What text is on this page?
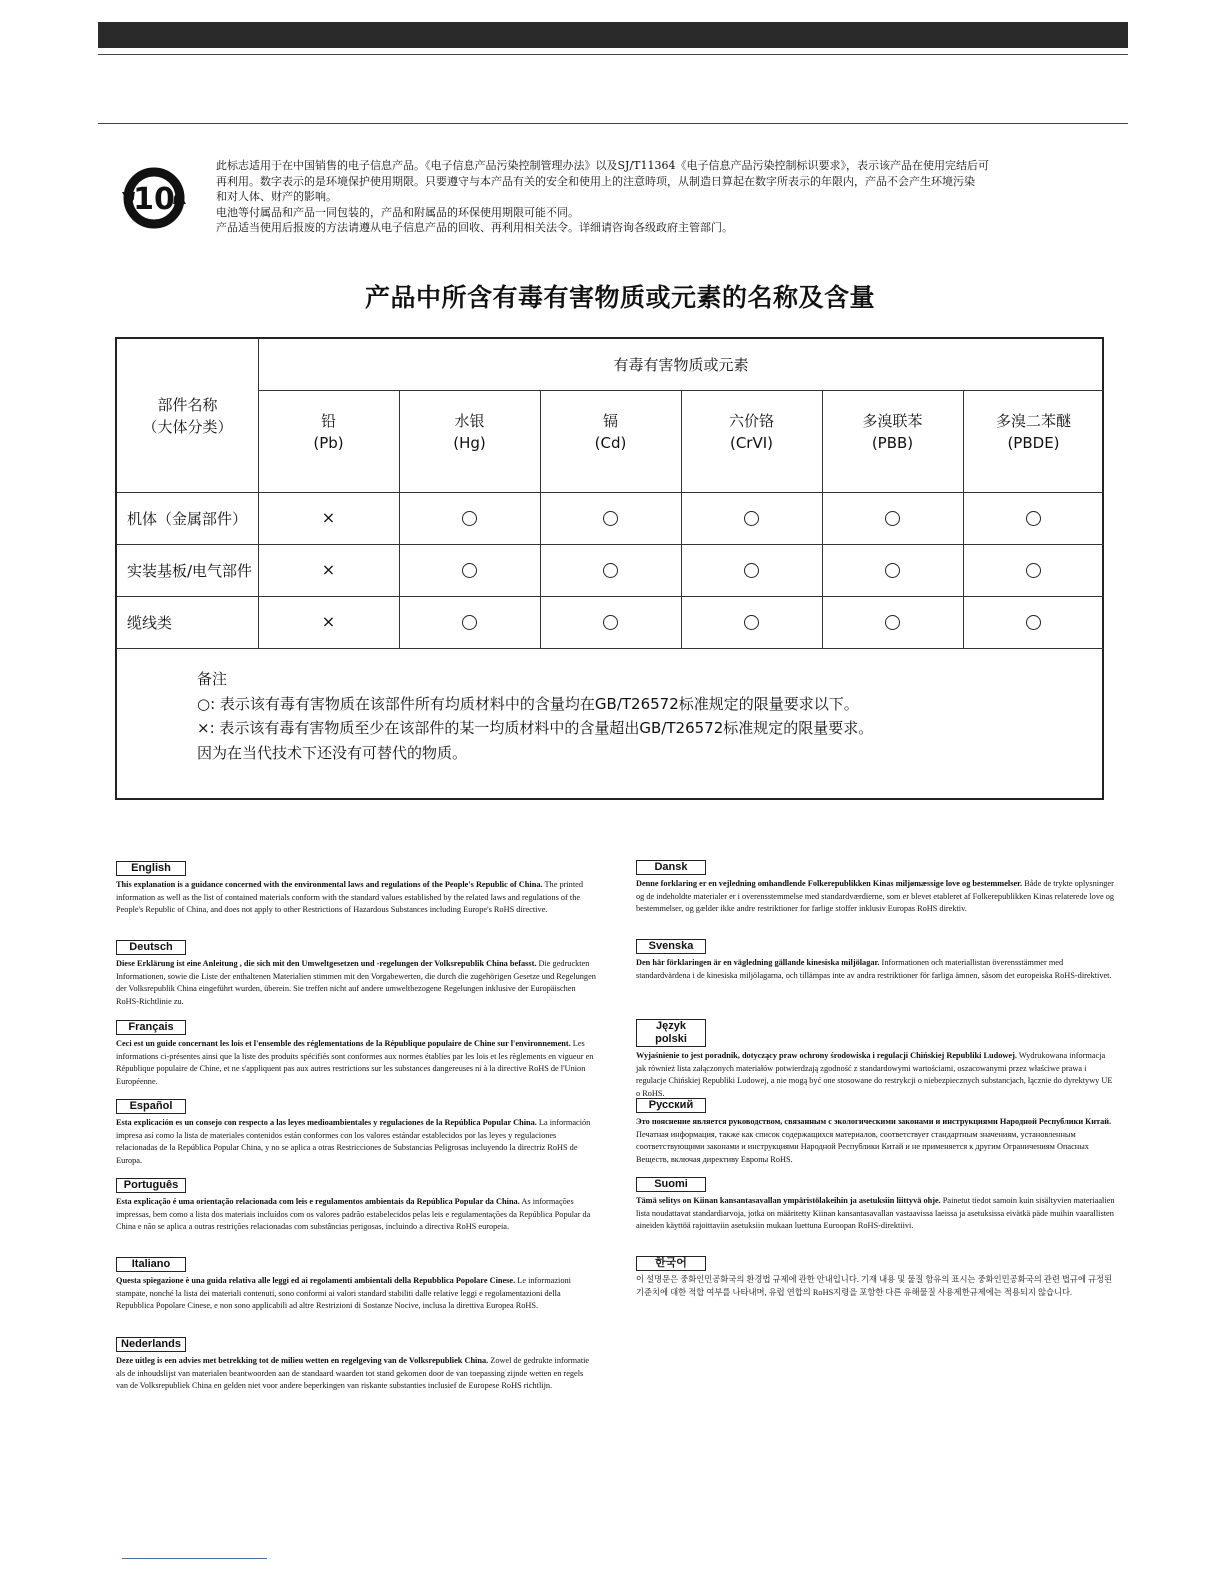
10
此标志适用于在中国销售的电子信息产品。《电子信息产品污染控制管理办法》以及SJ/T11364《电子信息产品污染控制标识要求》，表示该产品在使用完结后可
再利用。数字表示的是环境保护使用期限。只要遵守与本产品有关的安全和使用上的注意時项，从制造日算起在数字所表示的年限内，产品不会产生环境污染
和对人体、财产的影响。
电池等付属品和产品一同包装的，产品和附属品的环保使用期限可能不同。
产品适当使用后报废的方法请遵从电子信息产品的回收、再利用相关法令。详细请咨询各级政府主管部门。
产品中所含有毒有害物质或元素的名称及含量
部件名称
（大体分类）
有毒有害物质或元素
铅
(Pb)
水银
(Hg)
镉
(Cd)
六价铬
(CrVI)
多溴联苯
(PBB)
多溴二苯醚
(PBDE)
机体（金属部件）
实装基板/电气部件
缆线类
×
×
×
备注
○: 表示该有毒有害物质在该部件所有均质材料中的含量均在GB/T26572标准规定的限量要求以下。
×: 表示该有毒有害物质至少在该部件的某一均质材料中的含量超出GB/T26572标准规定的限量要求。
因为在当代技术下还没有可替代的物质。
English

This explanation is a guidance concerned with the environmental laws and regulations of the People's Republic of China. The printed information as well as the list of contained materials conform with the standard values established by the related laws and regulations of the People's Republic of China, and does not apply to other Restrictions of Hazardous Substances including Europe's RoHS directive.

Deutsch

Diese Erklärung ist eine Anleitung , die sich mit den Umweltgesetzen und -regelungen der Volksrepublik China befasst. Die gedruckten Informationen, sowie die Liste der enthaltenen Materialien stimmen mit den Vorgabewerten, die durch die zugehörigen Gesetze und Regelungen der Volksrepublik China eingeführt wurden, überein. Sie treffen nicht auf andere umweltbezogene Regelungen inklusive der Europäischen RoHS-Richtlinie zu.

Français

Ceci est un guide concernant les lois et l'ensemble des réglementations de la République populaire de Chine sur l'environnement. Les informations ci-présentes ainsi que la liste des produits spécifiés sont conformes aux normes établies par les lois et les règlements en vigueur en République populaire de Chine, et ne s'appliquent pas aux autres restrictions sur les substances dangereuses ni à la directive RoHS de l'Union Européenne.

Español

Esta explicación es un consejo con respecto a las leyes medioambientales y regulaciones de la República Popular China. La información impresa así como la lista de materiales contenidos están conformes con los valores estándar establecidos por las leyes y regulaciones relacionadas de la República Popular China, y no se aplica a otras Restricciones de Substancias Peligrosas incluyendo la directriz RoHS de Europa.

Português

Esta explicação é uma orientação relacionada com leis e regulamentos ambientais da República Popular da China. As informações impressas, bem como a lista dos materiais incluídos com os valores padrão estabelecidos pelas leis e regulamentações da República Popular da China e não se aplica a outras restrições relacionadas com substâncias perigosas, incluindo a directiva RoHS europeia.

Italiano

Questa spiegazione è una guida relativa alle leggi ed ai regolamenti ambientali della Repubblica Popolare Cinese. Le informazioni stampate, nonché la lista dei materiali contenuti, sono conformi ai valori standard stabiliti dalle relative leggi e regolamentazioni della Repubblica Popolare Cinese, e non sono applicabili ad altre Restrizioni di Sostanze Nocive, inclusa la direttiva Europea RoHS.

Nederlands

Deze uitleg is een advies met betrekking tot de milieu wetten en regelgeving van de Volksrepubliek China. Zowel de gedrukte informatie als de inhoudslijst van materialen beantwoorden aan de standaard waarden tot stand gekomen door de van toepassing zijnde wetten en regels van de Volksrepubliek China en gelden niet voor andere beperkingen van riskante substanties inclusief de Europese RoHS richtlijn.

Dansk

Denne forklaring er en vejledning omhandlende Folkerepublikken Kinas miljømæssige love og bestemmelser. Både de trykte oplysninger og de indeholdte materialer er i overensstemmelse med standardværdierne, som er blevet etableret af Folkerepublikken Kinas relaterede love og bestemmelser, og gælder ikke andre restriktioner for farlige stoffer inklusiv Europas RoHS direktiv.

Svenska

Den här förklaringen är en vägledning gällande kinesiska miljölagar. Informationen och materiallistan överensstämmer med standardvärdena i de kinesiska miljölagarna, och tillämpas inte av andra restriktioner för farliga ämnen, såsom det europeiska RoHS-direktivet.

Język polski

Wyjaśnienie to jest poradnik, dotyczący praw ochrony środowiska i regulacji Chińskiej Republiki Ludowej. Wydrukowana informacja jak również lista załączonych materiałów potwierdzają zgodność z standardowymi wartościami, oszacowanymi przez właściwe prawa i regulacje Chińskiej Republiki Ludowej, a nie mogą być one stosowane do restrykcji o niebezpiecznych substancjach, łącznie do dyrektywy UE o RoHS.

Русский

Это пояснение является руководством, связанным с экологическими законами и инструкциями Народной Республики Китай. Печатная информация, также как список содержащихся материалов, соответствует стандартным значениям, установленным соответствующими законами и инструкциями Народной Республики Китай и не применяется к другим Ограничениям Опасных Веществ, включая директиву Европы RoHS.

Suomi

Tämä selitys on Kiinan kansantasavallan ympäristölakeihin ja asetuksiin liittyvä ohje. Painetut tiedot samoin kuin sisältyvien materiaalien lista noudattavat standardiarvoja, jotka on määritetty Kiinan kansantasavallan vastaavissa laeissa ja asetuksissa eivätkä päde muihin vaarallisten aineiden käyttöä rajoittaviin asetuksiin mukaan luettuna Euroopan RoHS-direktiivi.

한국어

이 설명문은 중화인민공화국의 환경법 규제에 관한 안내입니다. 기재 내용 및 물질 함유의 표시는 중화인민공화국의 관련 법규에 규정된 기준치에 대한 적합 여부를 나타내며, 유럽 연합의 RoHS지령을 포함한 다른 유해물질 사용제한규제에는 적용되지 않습니다.
